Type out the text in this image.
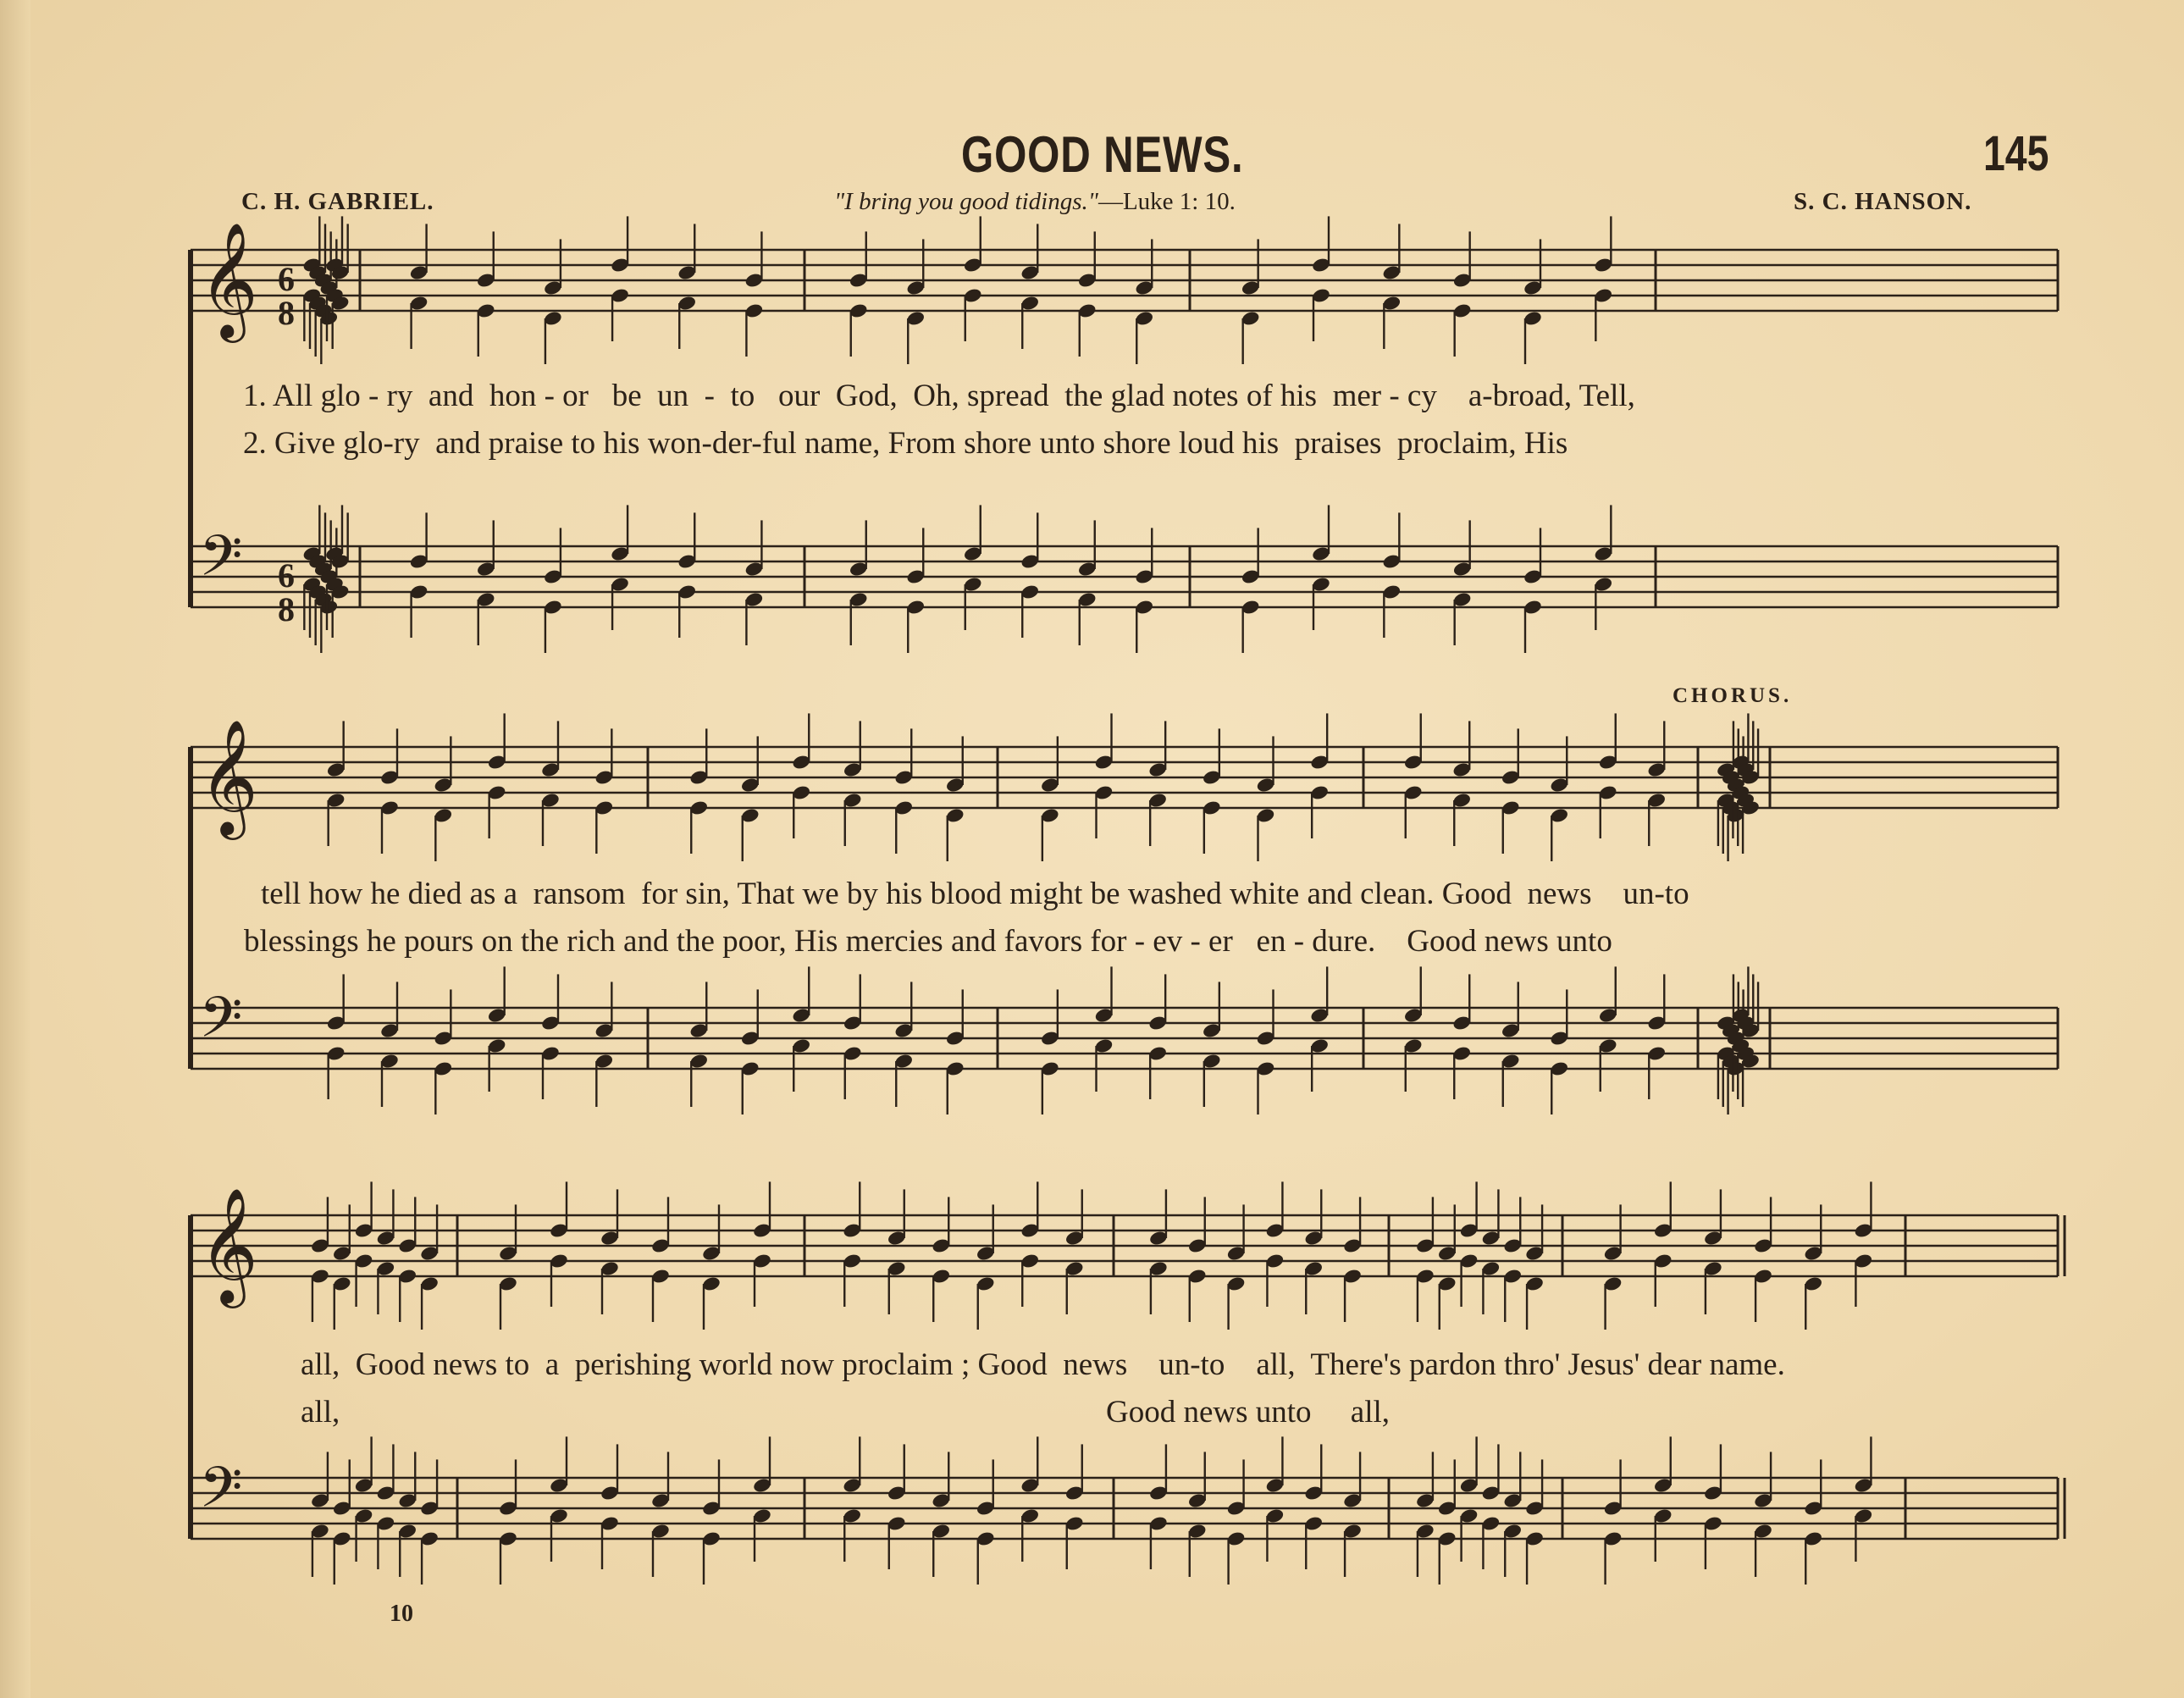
GOOD NEWS.	145
C. H. GABRIEL.	"I bring you good tidings."—Luke 1: 10.	S. C. HANSON.
CHORUS.
𝄞
𝄢
𝄞
𝄢
𝄞
𝄢
6
8
6
8
1. All glo - ry  and  hon - or   be  un  -  to   our  God,  Oh, spread  the glad notes of his  mer - cy    a-broad, Tell,
2. Give glo-ry  and praise to his won-der-ful name, From shore unto shore loud his  praises  proclaim, His
tell how he died as a  ransom  for sin, That we by his blood might be washed white and clean. Good  news    un-to
blessings he pours on the rich and the poor, His mercies and favors for - ev - er   en - dure.    Good news unto
all,  Good news to  a  perishing world now proclaim ; Good  news    un-to    all,  There's pardon thro' Jesus' dear name.
all,	Good news unto     all,
10
